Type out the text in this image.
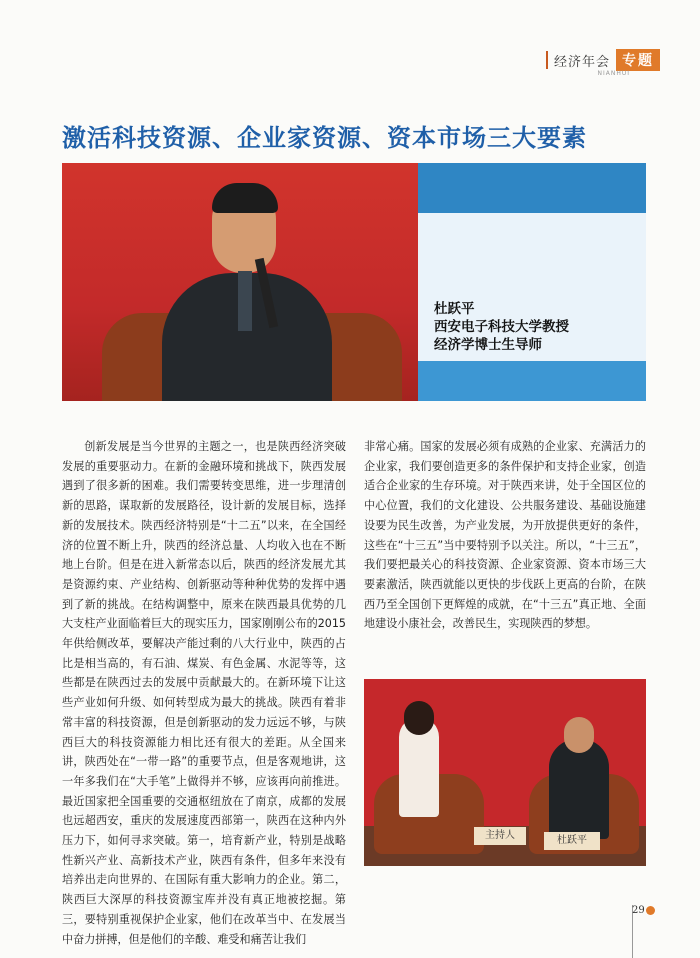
经济年会 专题
NIANHUI
激活科技资源、企业家资源、资本市场三大要素
杜跃平
西安电子科技大学教授
经济学博士生导师

创新发展是当今世界的主题之一，也是陕西经济突破发展的重要驱动力。在新的金融环境和挑战下，陕西发展遇到了很多新的困难。我们需要转变思维，进一步理清创新的思路，谋取新的发展路径，设计新的发展目标，选择新的发展技术。陕西经济特别是“十二五”以来，在全国经济的位置不断上升，陕西的经济总量、人均收入也在不断地上台阶。但是在进入新常态以后，陕西的经济发展尤其是资源约束、产业结构、创新驱动等种种优势的发挥中遇到了新的挑战。在结构调整中，原来在陕西最具优势的几大支柱产业面临着巨大的现实压力，国家刚刚公布的2015年供给侧改革，要解决产能过剩的八大行业中，陕西的占比是相当高的，有石油、煤炭、有色金属、水泥等等，这些都是在陕西过去的发展中贡献最大的。在新环境下让这些产业如何升级、如何转型成为最大的挑战。陕西有着非常丰富的科技资源，但是创新驱动的发力远远不够，与陕西巨大的科技资源能力相比还有很大的差距。从全国来讲，陕西处在“一带一路”的重要节点，但是客观地讲，这一年多我们在“大手笔”上做得并不够，应该再向前推进。最近国家把全国重要的交通枢纽放在了南京，成都的发展也远超西安，重庆的发展速度西部第一，陕西在这种内外压力下，如何寻求突破。第一，培育新产业，特别是战略性新兴产业、高新技术产业，陕西有条件，但多年来没有培养出走向世界的、在国际有重大影响力的企业。第二，陕西巨大深厚的科技资源宝库并没有真正地被挖掘。第三，要特别重视保护企业家，他们在改革当中、在发展当中奋力拼搏，但是他们的辛酸、难受和痛苦让我们

非常心痛。国家的发展必须有成熟的企业家、充满活力的企业家，我们要创造更多的条件保护和支持企业家，创造适合企业家的生存环境。对于陕西来讲，处于全国区位的中心位置，我们的文化建设、公共服务建设、基础设施建设要为民生改善，为产业发展，为开放提供更好的条件，这些在“十三五”当中要特别予以关注。所以，“十三五”，我们要把最关心的科技资源、企业家资源、资本市场三大要素激活，陕西就能以更快的步伐跃上更高的台阶，在陕西乃至全国创下更辉煌的成就，在“十三五”真正地、全面地建设小康社会，改善民生，实现陕西的梦想。

主持人	杜跃平
29
